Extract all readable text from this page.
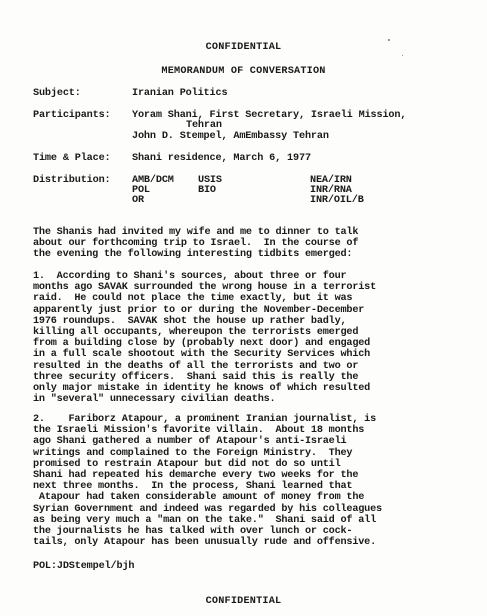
CONFIDENTIAL
MEMORANDUM OF CONVERSATION
Subject:	Iranian Politics
Participants: Yoram Shani, First Secretary, Israeli Mission,
Tehran
John D. Stempel, AmEmbassy Tehran
Time & Place: Shani residence, March 6, 1977
Distribution: AMB/DCM
POL
OR
USIS
BIO
NEA/IRN
INR/RNA
INR/OIL/B
The Shanis had invited my wife and me to dinner to talk
about our forthcoming trip to Israel.  In the course of
the evening the following interesting tidbits emerged:
1.  According to Shani's sources, about three or four
months ago SAVAK surrounded the wrong house in a terrorist
raid.  He could not place the time exactly, but it was
apparently just prior to or during the November-December
1976 roundups.  SAVAK shot the house up rather badly,
killing all occupants, whereupon the terrorists emerged
from a building close by (probably next door) and engaged
in a full scale shootout with the Security Services which
resulted in the deaths of all the terrorists and two or
three security officers.  Shani said this is really the
only major mistake in identity he knows of which resulted
in "several" unnecessary civilian deaths.
2.    Fariborz Atapour, a prominent Iranian journalist, is
the Israeli Mission's favorite villain.  About 18 months
ago Shani gathered a number of Atapour's anti-Israeli
writings and complained to the Foreign Ministry.  They
promised to restrain Atapour but did not do so until
Shani had repeated his demarche every two weeks for the
next three months.  In the process, Shani learned that
Atapour had taken considerable amount of money from the
Syrian Government and indeed was regarded by his colleagues
as being very much a "man on the take."  Shani said of all
the journalists he has talked with over lunch or cock-
tails, only Atapour has been unusually rude and offensive.
POL:JDStempel/bjh
CONFIDENTIAL
